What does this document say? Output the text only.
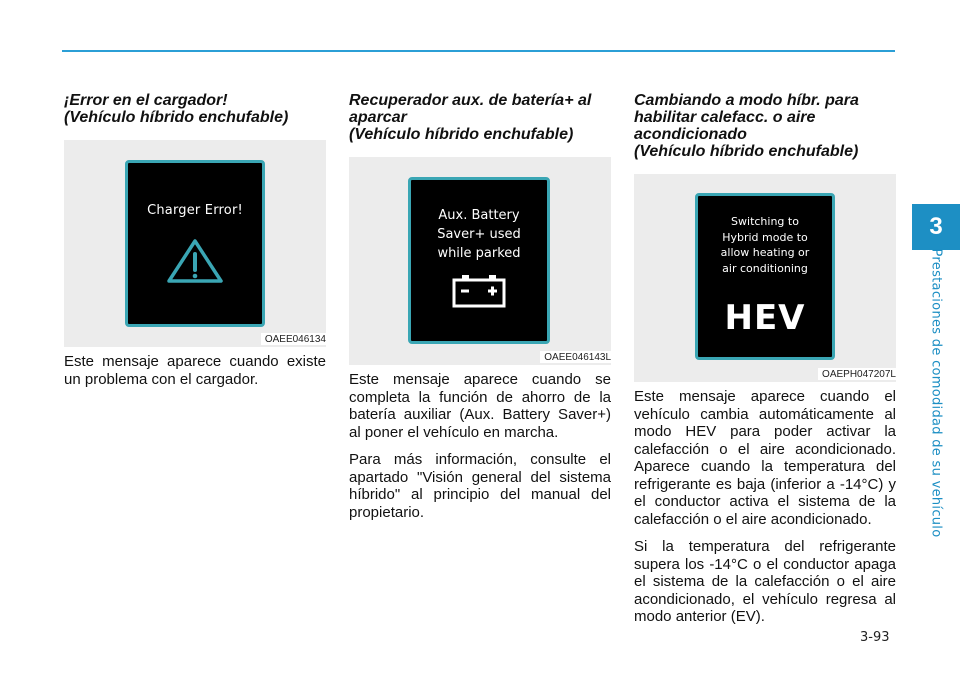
¡Error en el cargador!
(Vehículo híbrido enchufable)
Charger Error!
OAEE046134

Este mensaje aparece cuando existe un problema con el cargador.

Recuperador aux. de batería+ al aparcar
(Vehículo híbrido enchufable)
Aux. Battery
Saver+ used
while parked
OAEE046143L

Este mensaje aparece cuando se completa la función de ahorro de la batería auxiliar (Aux. Battery Saver+) al poner el vehículo en marcha.

Para más información, consulte el apartado "Visión general del sistema híbrido" al principio del manual del propietario.

Cambiando a modo híbr. para habilitar calefacc. o aire acondicionado
(Vehículo híbrido enchufable)
Switching to
Hybrid mode to
allow heating or
air conditioning
HEV
OAEPH047207L

Este mensaje aparece cuando el vehículo cambia automáticamente al modo HEV para poder activar la calefacción o el aire acondicionado. Aparece cuando la temperatura del refrigerante es baja (inferior a -14°C) y el conductor activa el sistema de la calefacción o el aire acondicionado.

Si la temperatura del refrigerante supera los -14°C o el conductor apaga el sistema de la calefacción o el aire acondicionado, el vehículo regresa al modo anterior (EV).

3
Prestaciones de comodidad de su vehículo
3-93
